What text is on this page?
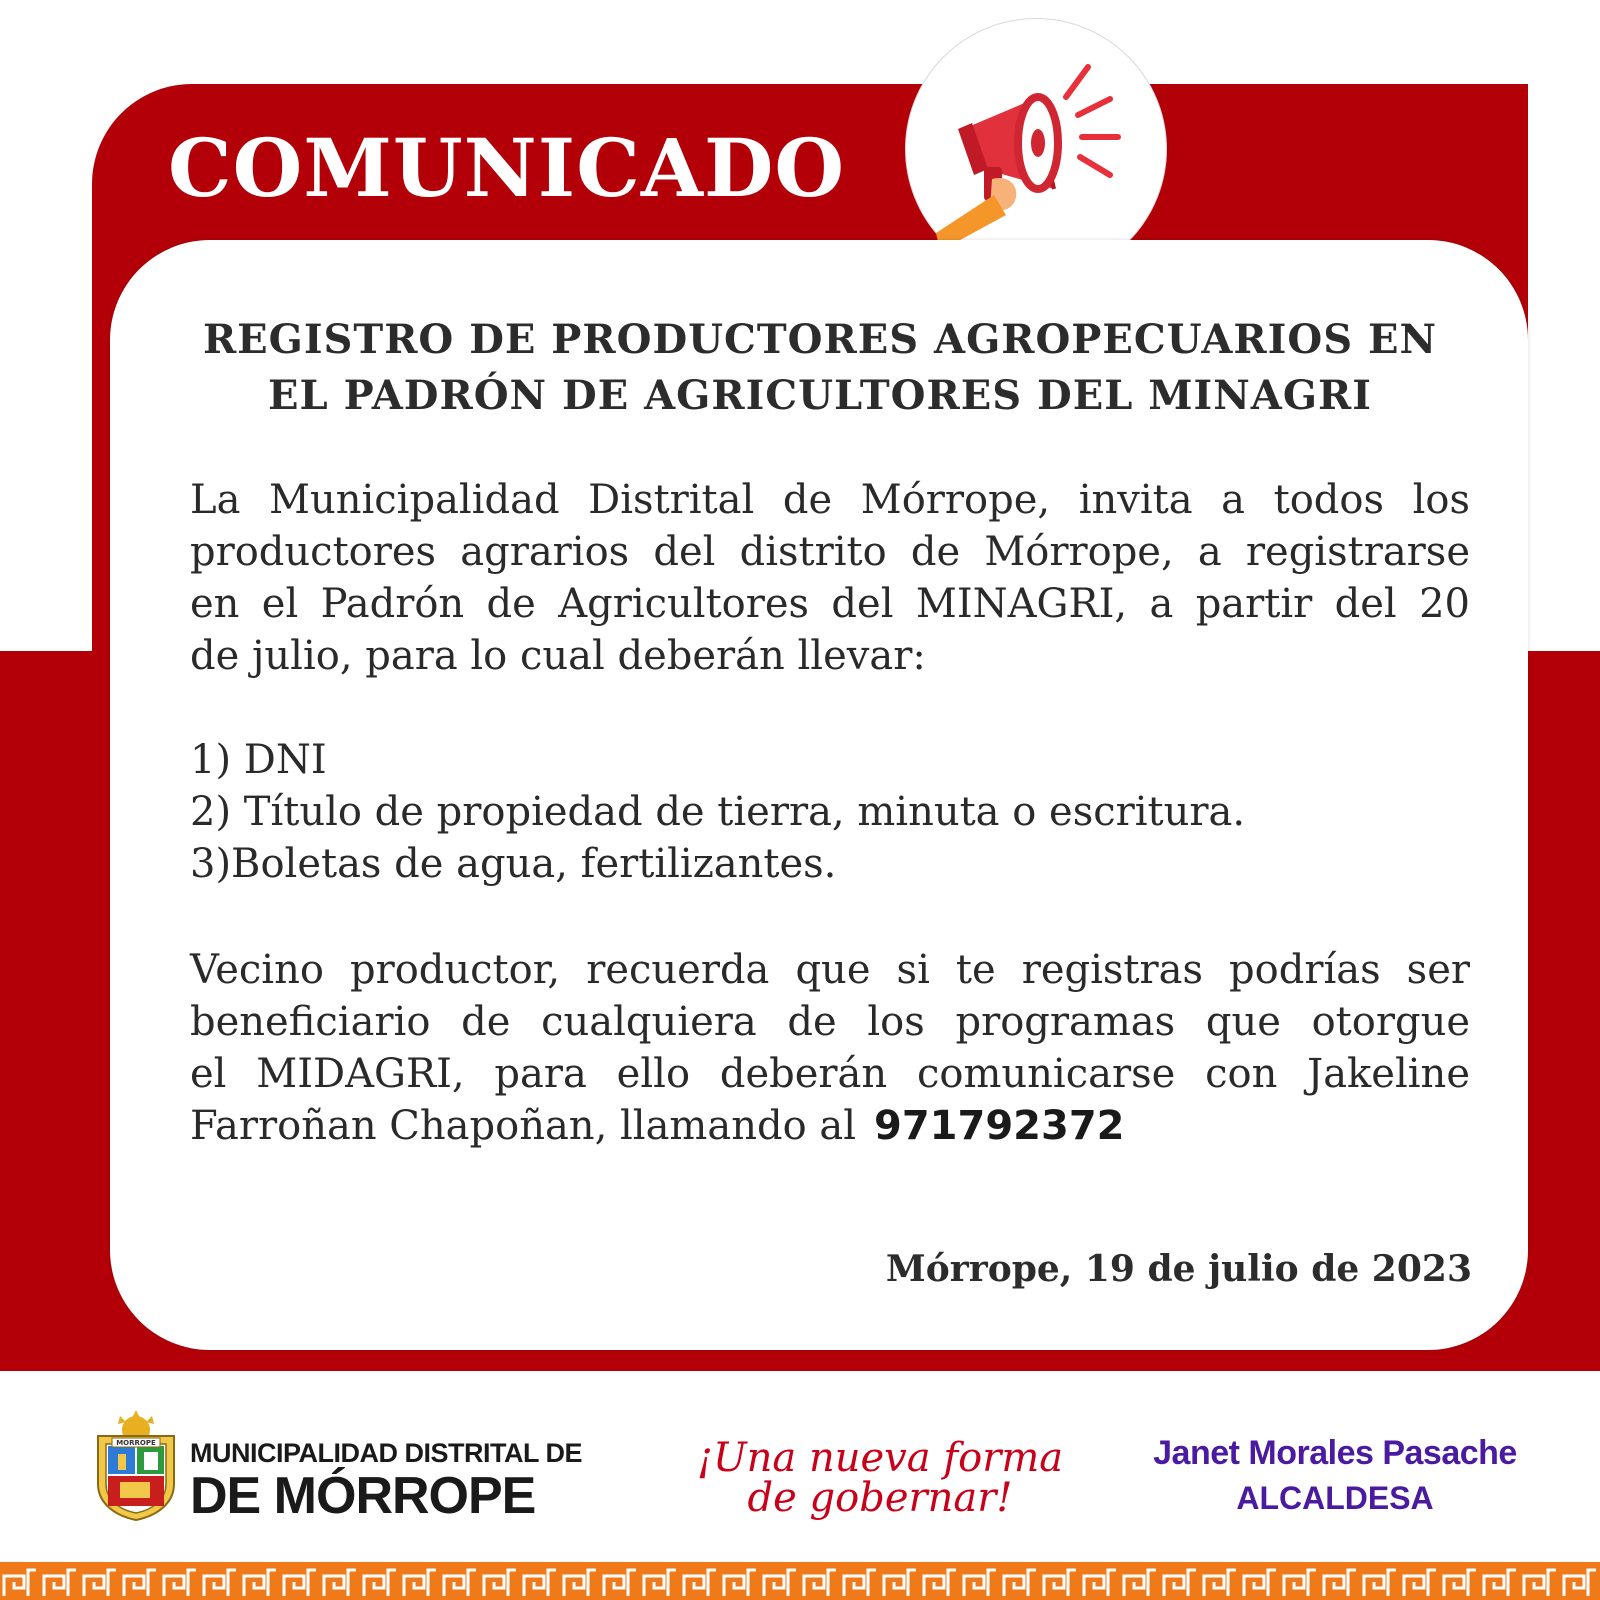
COMUNICADO
REGISTRO DE PRODUCTORES AGROPECUARIOS EN
EL PADRÓN DE AGRICULTORES DEL MINAGRI
La Municipalidad Distrital de Mórrope, invita a todos los
productores agrarios del distrito de Mórrope, a registrarse
en el Padrón de Agricultores del MINAGRI, a partir del 20
de julio, para lo cual deberán llevar:
1) DNI
2) Título de propiedad de tierra, minuta o escritura.
3)Boletas de agua, fertilizantes.
Vecino productor, recuerda que si te registras podrías ser
beneficiario de cualquiera de los programas que otorgue
el MIDAGRI, para ello deberán comunicarse con Jakeline
Farroñan Chapoñan, llamando al 971792372
Mórrope, 19 de julio de 2023
MORROPE MUNICIPALIDAD DISTRITAL DE
DE MÓRROPE
¡Una nueva forma
de gobernar!
Janet Morales Pasache
ALCALDESA
